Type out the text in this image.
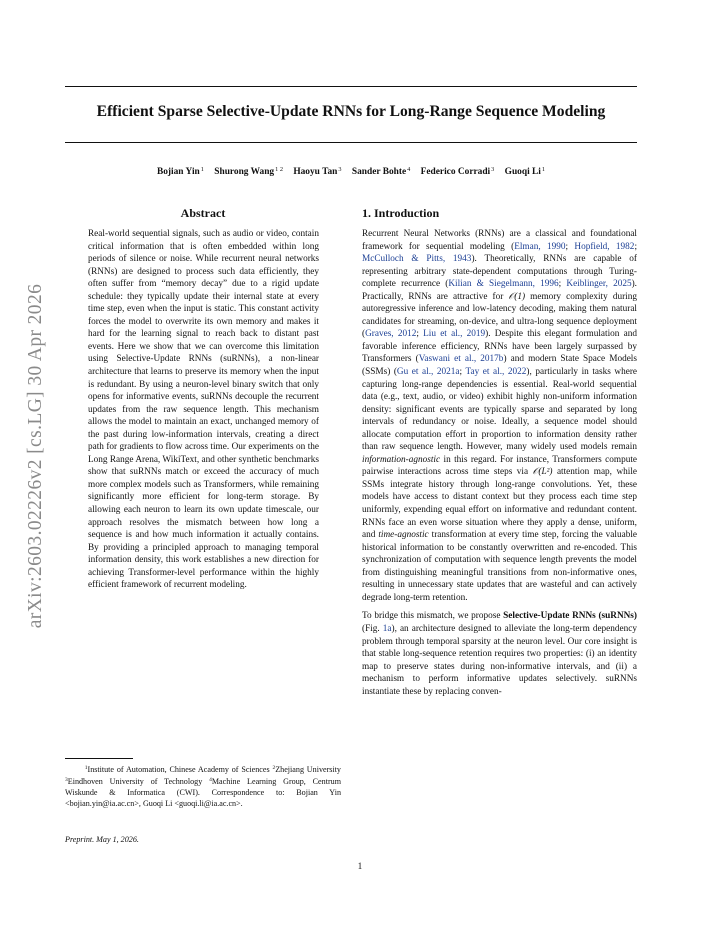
Efficient Sparse Selective-Update RNNs for Long-Range Sequence Modeling
Bojian Yin$^1$ Shurong Wang$^{1 2}$ Haoyu Tan$^3$ Sander Bohte$^4$ Federico Corradi$^3$ Guoqi Li$^1$
arXiv:2603.02226v2 [cs.LG] 30 Apr 2026
Abstract
Real-world sequential signals, such as audio or video, contain critical information that is often embedded within long periods of silence or noise. While recurrent neural networks (RNNs) are designed to process such data efficiently, they often suffer from “memory decay” due to a rigid update schedule: they typically update their internal state at every time step, even when the input is static. This constant activity forces the model to overwrite its own memory and makes it hard for the learning signal to reach back to distant past events. Here we show that we can overcome this limitation using Selective-Update RNNs (suRNNs), a non-linear architecture that learns to preserve its memory when the input is redundant. By using a neuron-level binary switch that only opens for informative events, suRNNs decouple the recurrent updates from the raw sequence length. This mechanism allows the model to maintain an exact, unchanged memory of the past during low-information intervals, creating a direct path for gradients to flow across time. Our experiments on the Long Range Arena, WikiText, and other synthetic benchmarks show that suRNNs match or exceed the accuracy of much more complex models such as Transformers, while remaining significantly more efficient for long-term storage. By allowing each neuron to learn its own update timescale, our approach resolves the mismatch between how long a sequence is and how much information it actually contains. By providing a principled approach to managing temporal information density, this work establishes a new direction for achieving Transformer-level performance within the highly efficient framework of recurrent modeling.
$^1$Institute of Automation, Chinese Academy of Sciences $^2$Zhejiang University $^3$Eindhoven University of Technology $^4$Machine Learning Group, Centrum Wiskunde & Informatica (CWI). Correspondence to: Bojian Yin <bojian.yin@ia.ac.cn>, Guoqi Li <guoqi.li@ia.ac.cn>.
Preprint. May 1, 2026.
1. Introduction

Recurrent Neural Networks (RNNs) are a classical and foundational framework for sequential modeling (Elman, 1990; Hopfield, 1982; McCulloch & Pitts, 1943). Theoretically, RNNs are capable of representing arbitrary state-dependent computations through Turing-complete recurrence (Kilian & Siegelmann, 1996; Keiblinger, 2025). Practically, RNNs are attractive for 𝒪(1) memory complexity during autoregressive inference and low-latency decoding, making them natural candidates for streaming, on-device, and ultra-long sequence deployment (Graves, 2012; Liu et al., 2019). Despite this elegant formulation and favorable inference efficiency, RNNs have been largely surpassed by Transformers (Vaswani et al., 2017b) and modern State Space Models (SSMs) (Gu et al., 2021a; Tay et al., 2022), particularly in tasks where capturing long-range dependencies is essential. Real-world sequential data (e.g., text, audio, or video) exhibit highly non-uniform information density: significant events are typically sparse and separated by long intervals of redundancy or noise. Ideally, a sequence model should allocate computation effort in proportion to information density rather than raw sequence length. However, many widely used models remain information-agnostic in this regard. For instance, Transformers compute pairwise interactions across time steps via 𝒪(L²) attention map, while SSMs integrate history through long-range convolutions. Yet, these models have access to distant context but they process each time step uniformly, expending equal effort on informative and redundant content. RNNs face an even worse situation where they apply a dense, uniform, and time-agnostic transformation at every time step, forcing the valuable historical information to be constantly overwritten and re-encoded. This synchronization of computation with sequence length prevents the model from distinguishing meaningful transitions from non-informative ones, resulting in unnecessary state updates that are wasteful and can actively degrade long-term retention.

To bridge this mismatch, we propose Selective-Update RNNs (suRNNs) (Fig. 1a), an architecture designed to alleviate the long-term dependency problem through temporal sparsity at the neuron level. Our core insight is that stable long-sequence retention requires two properties: (i) an identity map to preserve states during non-informative intervals, and (ii) a mechanism to perform informative updates selectively. suRNNs instantiate these by replacing conven-

1
